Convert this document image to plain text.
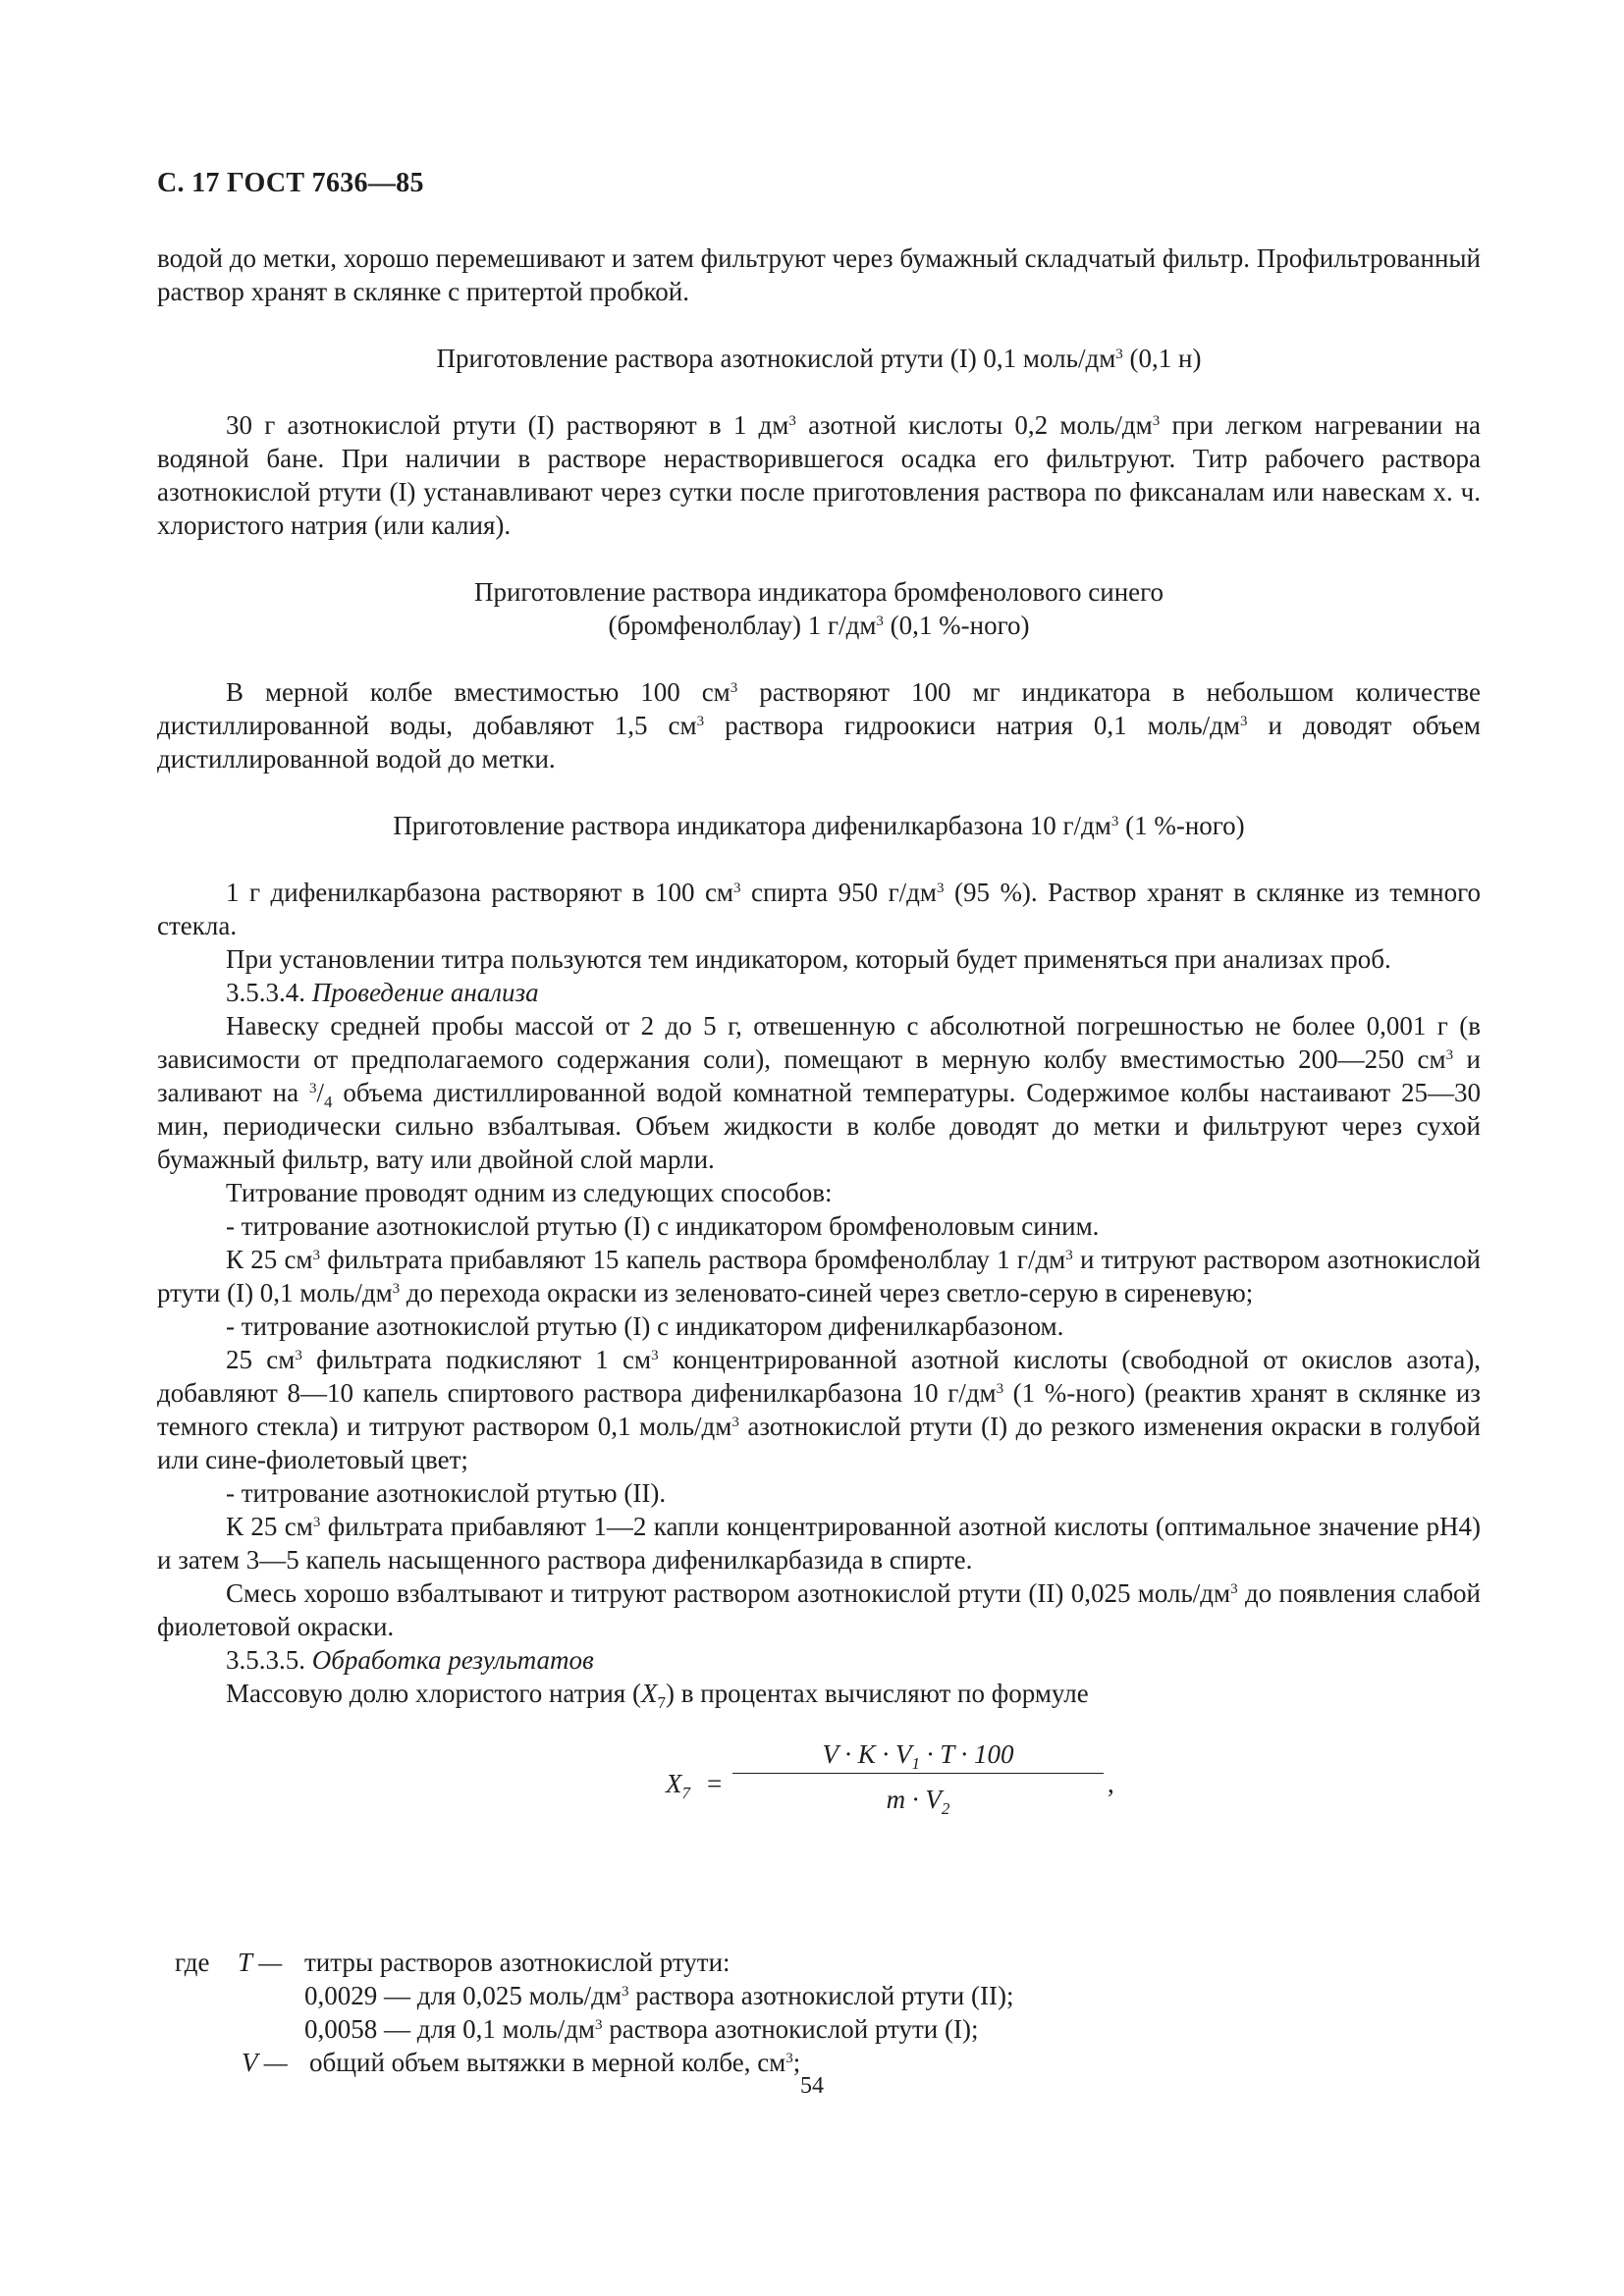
С. 17 ГОСТ 7636—85

водой до метки, хорошо перемешивают и затем фильтруют через бумажный складчатый фильтр. Профильтрованный раствор хранят в склянке с притертой пробкой.

Приготовление раствора азотнокислой ртути (I) 0,1 моль/$дм^3$ (0,1 н)

30 г азотнокислой ртути (I) растворяют в 1 $дм^3$ азотной кислоты 0,2 моль/$дм^3$ при легком нагревании на водяной бане. При наличии в растворе нерастворившегося осадка его фильтруют. Титр рабочего раствора азотнокислой ртути (I) устанавливают через сутки после приготовления раствора по фиксаналам или навескам х. ч. хлористого натрия (или калия).

Приготовление раствора индикатора бромфенолового синего
(бромфенолблау) 1 $г/дм^3$ (0,1 %-ного)

В мерной колбе вместимостью 100 $см^3$ растворяют 100 мг индикатора в небольшом количестве дистиллированной воды, добавляют 1,5 $см^3$ раствора гидроокиси натрия 0,1 моль/$дм^3$ и доводят объем дистиллированной водой до метки.

Приготовление раствора индикатора дифенилкарбазона 10 $г/дм^3$ (1 %-ного)

1 г дифенилкарбазона растворяют в 100 $см^3$ спирта 950 $г/дм^3$ (95 %). Раствор хранят в склянке из темного стекла.

При установлении титра пользуются тем индикатором, который будет применяться при анализах проб.

3.5.3.4. Проведение анализа

Навеску средней пробы массой от 2 до 5 г, отвешенную с абсолютной погрешностью не более 0,001 г (в зависимости от предполагаемого содержания соли), помещают в мерную колбу вместимостью 200—250 $см^3$ и заливают на $^3/_4$ объема дистиллированной водой комнатной температуры. Содержимое колбы настаивают 25—30 мин, периодически сильно взбалтывая. Объем жидкости в колбе доводят до метки и фильтруют через сухой бумажный фильтр, вату или двойной слой марли.

Титрование проводят одним из следующих способов:

- титрование азотнокислой ртутью (I) с индикатором бромфеноловым синим.

К 25 $см^3$ фильтрата прибавляют 15 капель раствора бромфенолблау 1 $г/дм^3$ и титруют раствором азотнокислой ртути (I) 0,1 моль/$дм^3$ до перехода окраски из зеленовато-синей через светло-серую в сиреневую;

- титрование азотнокислой ртутью (I) с индикатором дифенилкарбазоном.

25 $см^3$ фильтрата подкисляют 1 $см^3$ концентрированной азотной кислоты (свободной от окислов азота), добавляют 8—10 капель спиртового раствора дифенилкарбазона 10 $г/дм^3$ (1 %-ного) (реактив хранят в склянке из темного стекла) и титруют раствором 0,1 моль/$дм^3$ азотнокислой ртути (I) до резкого изменения окраски в голубой или сине-фиолетовый цвет;

- титрование азотнокислой ртутью (II).

К 25 $см^3$ фильтрата прибавляют 1—2 капли концентрированной азотной кислоты (оптимальное значение pH4) и затем 3—5 капель насыщенного раствора дифенилкарбазида в спирте.

Смесь хорошо взбалтывают и титруют раствором азотнокислой ртути (II) 0,025 моль/$дм^3$ до появления слабой фиолетовой окраски.

3.5.3.5. Обработка результатов

Массовую долю хлористого натрия $(X_7)$ в процентах вычисляют по формуле

$X_7$ =
$V \cdot K \cdot V_1 \cdot T \cdot 100$
$m \cdot V_2$
,
где T — титры растворов азотнокислой ртути:
0,0029 — для 0,025 моль/$дм^3$ раствора азотнокислой ртути (II);
0,0058 — для 0,1 моль/$дм^3$ раствора азотнокислой ртути (I);
V — общий объем вытяжки в мерной колбе, $см^3$;
54
